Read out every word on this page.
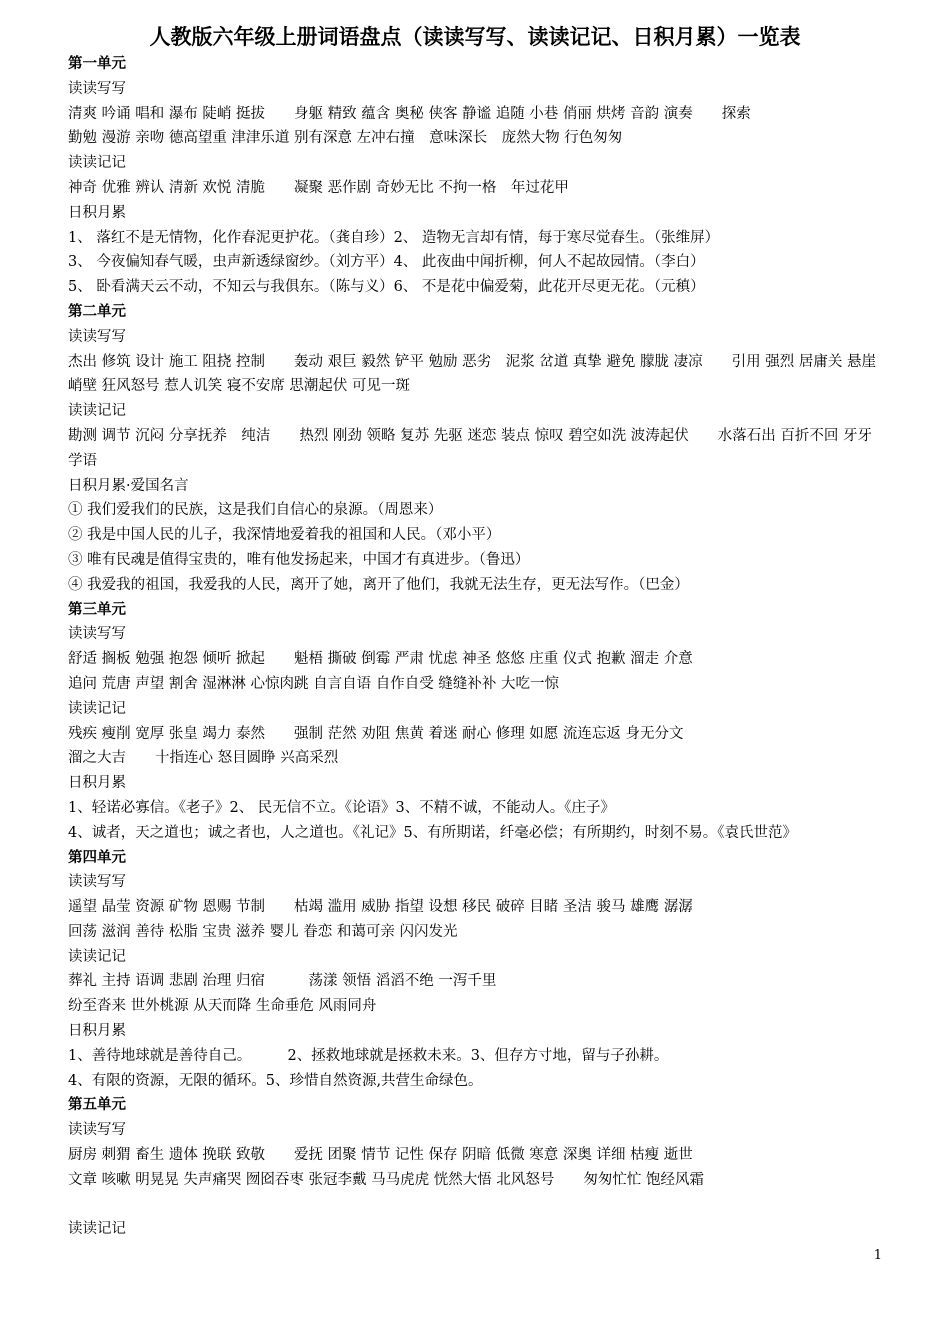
人教版六年级上册词语盘点（读读写写、读读记记、日积月累）一览表
第一单元
读读写写
清爽 吟诵 唱和 瀑布 陡峭 挺拔　　身躯 精致 蕴含 奥秘 侠客 静谧 追随 小巷 俏丽 烘烤 音韵 演奏　　探索
勤勉 漫游 亲吻 德高望重 津津乐道 别有深意 左冲右撞　意味深长　庞然大物 行色匆匆
读读记记
神奇 优雅 辨认 清新 欢悦 清脆　　凝聚 恶作剧 奇妙无比 不拘一格　年过花甲
日积月累
1、 落红不是无情物，化作春泥更护花。（龚自珍）2、 造物无言却有情，每于寒尽觉春生。（张维屏）
3、 今夜偏知春气暖，虫声新透绿窗纱。（刘方平）4、 此夜曲中闻折柳，何人不起故园情。（李白）
5、 卧看满天云不动，不知云与我俱东。（陈与义）6、 不是花中偏爱菊，此花开尽更无花。（元稹）
第二单元
读读写写
杰出 修筑 设计 施工 阻挠 控制　　轰动 艰巨 毅然 铲平 勉励 恶劣　泥浆 岔道 真挚 避免 朦胧 凄凉　　引用 强烈 居庸关 悬崖峭壁 狂风怒号 惹人讥笑 寝不安席 思潮起伏 可见一斑
读读记记
勘测 调节 沉闷 分享抚养　纯洁　　热烈 刚劲 领略 复苏 先驱 迷恋 装点 惊叹 碧空如洗 波涛起伏　　水落石出 百折不回 牙牙学语
日积月累·爱国名言
① 我们爱我们的民族，这是我们自信心的泉源。（周恩来）
② 我是中国人民的儿子，我深情地爱着我的祖国和人民。（邓小平）
③ 唯有民魂是值得宝贵的，唯有他发扬起来，中国才有真进步。（鲁迅）
④ 我爱我的祖国，我爱我的人民，离开了她，离开了他们，我就无法生存，更无法写作。（巴金）
第三单元
读读写写
舒适 搁板 勉强 抱怨 倾听 掀起　　魁梧 撕破 倒霉 严肃 忧虑 神圣 悠悠 庄重 仪式 抱歉 溜走 介意
追问 荒唐 声望 割舍 湿淋淋 心惊肉跳 自言自语 自作自受 缝缝补补 大吃一惊
读读记记
残疾 瘦削 宽厚 张皇 竭力 泰然　　强制 茫然 劝阻 焦黄 着迷 耐心 修理 如愿 流连忘返 身无分文
溜之大吉　　十指连心 怒目圆睁 兴高采烈
日积月累
1、轻诺必寡信。《老子》2、 民无信不立。《论语》3、不精不诚，不能动人。《庄子》
4、诚者，天之道也；诚之者也，人之道也。《礼记》5、有所期诺，纤毫必偿；有所期约，时刻不易。《袁氏世范》
第四单元
读读写写
遥望 晶莹 资源 矿物 恩赐 节制　　枯竭 滥用 威胁 指望 设想 移民 破碎 目睹 圣洁 骏马 雄鹰 潺潺
回荡 滋润 善待 松脂 宝贵 滋养 婴儿 眷恋 和蔼可亲 闪闪发光
读读记记
葬礼 主持 语调 悲剧 治理 归宿　　　荡漾 领悟 滔滔不绝 一泻千里
纷至沓来 世外桃源 从天而降 生命垂危 风雨同舟
日积月累
1、善待地球就是善待自己。　　　2、拯救地球就是拯救未来。3、但存方寸地，留与子孙耕。
4、有限的资源，无限的循环。5、珍惜自然资源,共营生命绿色。
第五单元
读读写写
厨房 刺猬 畜生 遗体 挽联 致敬　　爱抚 团聚 情节 记性 保存 阴暗 低微 寒意 深奥 详细 枯瘦 逝世
文章 咳嗽 明晃晃 失声痛哭 囫囵吞枣 张冠李戴 马马虎虎 恍然大悟 北风怒号　　匆匆忙忙 饱经风霜
读读记记
1
